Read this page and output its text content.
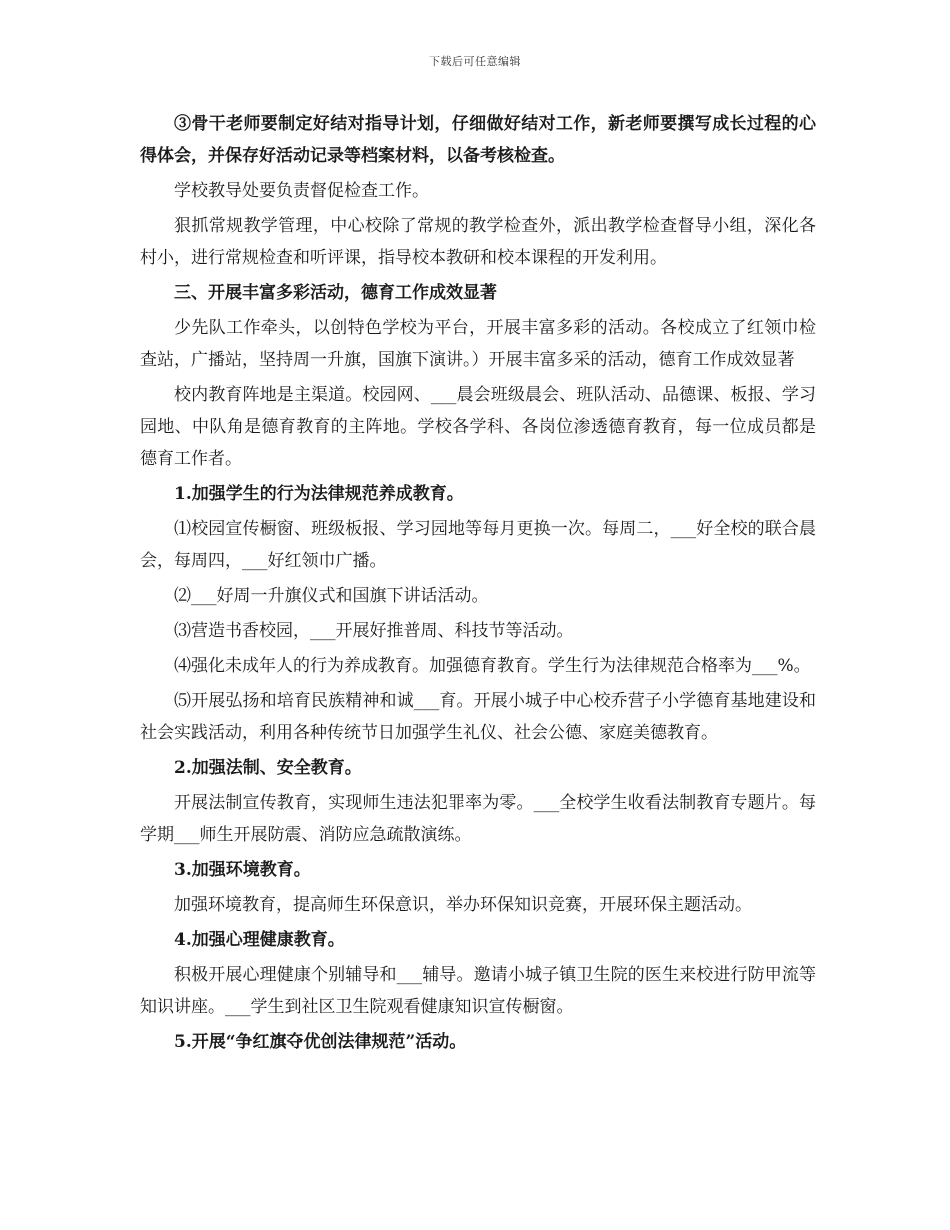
下载后可任意编辑

③骨干老师要制定好结对指导计划，仔细做好结对工作，新老师要撰写成长过程的心得体会，并保存好活动记录等档案材料，以备考核检查。

学校教导处要负责督促检查工作。

狠抓常规教学管理，中心校除了常规的教学检查外，派出教学检查督导小组，深化各村小，进行常规检查和听评课，指导校本教研和校本课程的开发利用。

三、开展丰富多彩活动，德育工作成效显著

少先队工作牵头，以创特色学校为平台，开展丰富多彩的活动。各校成立了红领巾检查站，广播站，坚持周一升旗，国旗下演讲。）开展丰富多采的活动，德育工作成效显著

校内教育阵地是主渠道。校园网、___晨会班级晨会、班队活动、品德课、板报、学习园地、中队角是德育教育的主阵地。学校各学科、各岗位渗透德育教育，每一位成员都是德育工作者。

1.加强学生的行为法律规范养成教育。

⑴校园宣传橱窗、班级板报、学习园地等每月更换一次。每周二，___好全校的联合晨会，每周四，___好红领巾广播。

⑵___好周一升旗仪式和国旗下讲话活动。

⑶营造书香校园，___开展好推普周、科技节等活动。

⑷强化未成年人的行为养成教育。加强德育教育。学生行为法律规范合格率为___%。

⑸开展弘扬和培育民族精神和诚___育。开展小城子中心校乔营子小学德育基地建设和社会实践活动，利用各种传统节日加强学生礼仪、社会公德、家庭美德教育。

2.加强法制、安全教育。

开展法制宣传教育，实现师生违法犯罪率为零。___全校学生收看法制教育专题片。每学期___师生开展防震、消防应急疏散演练。

3.加强环境教育。

加强环境教育，提高师生环保意识，举办环保知识竞赛，开展环保主题活动。

4.加强心理健康教育。

积极开展心理健康个别辅导和___辅导。邀请小城子镇卫生院的医生来校进行防甲流等知识讲座。___学生到社区卫生院观看健康知识宣传橱窗。

5.开展“争红旗夺优创法律规范”活动。
